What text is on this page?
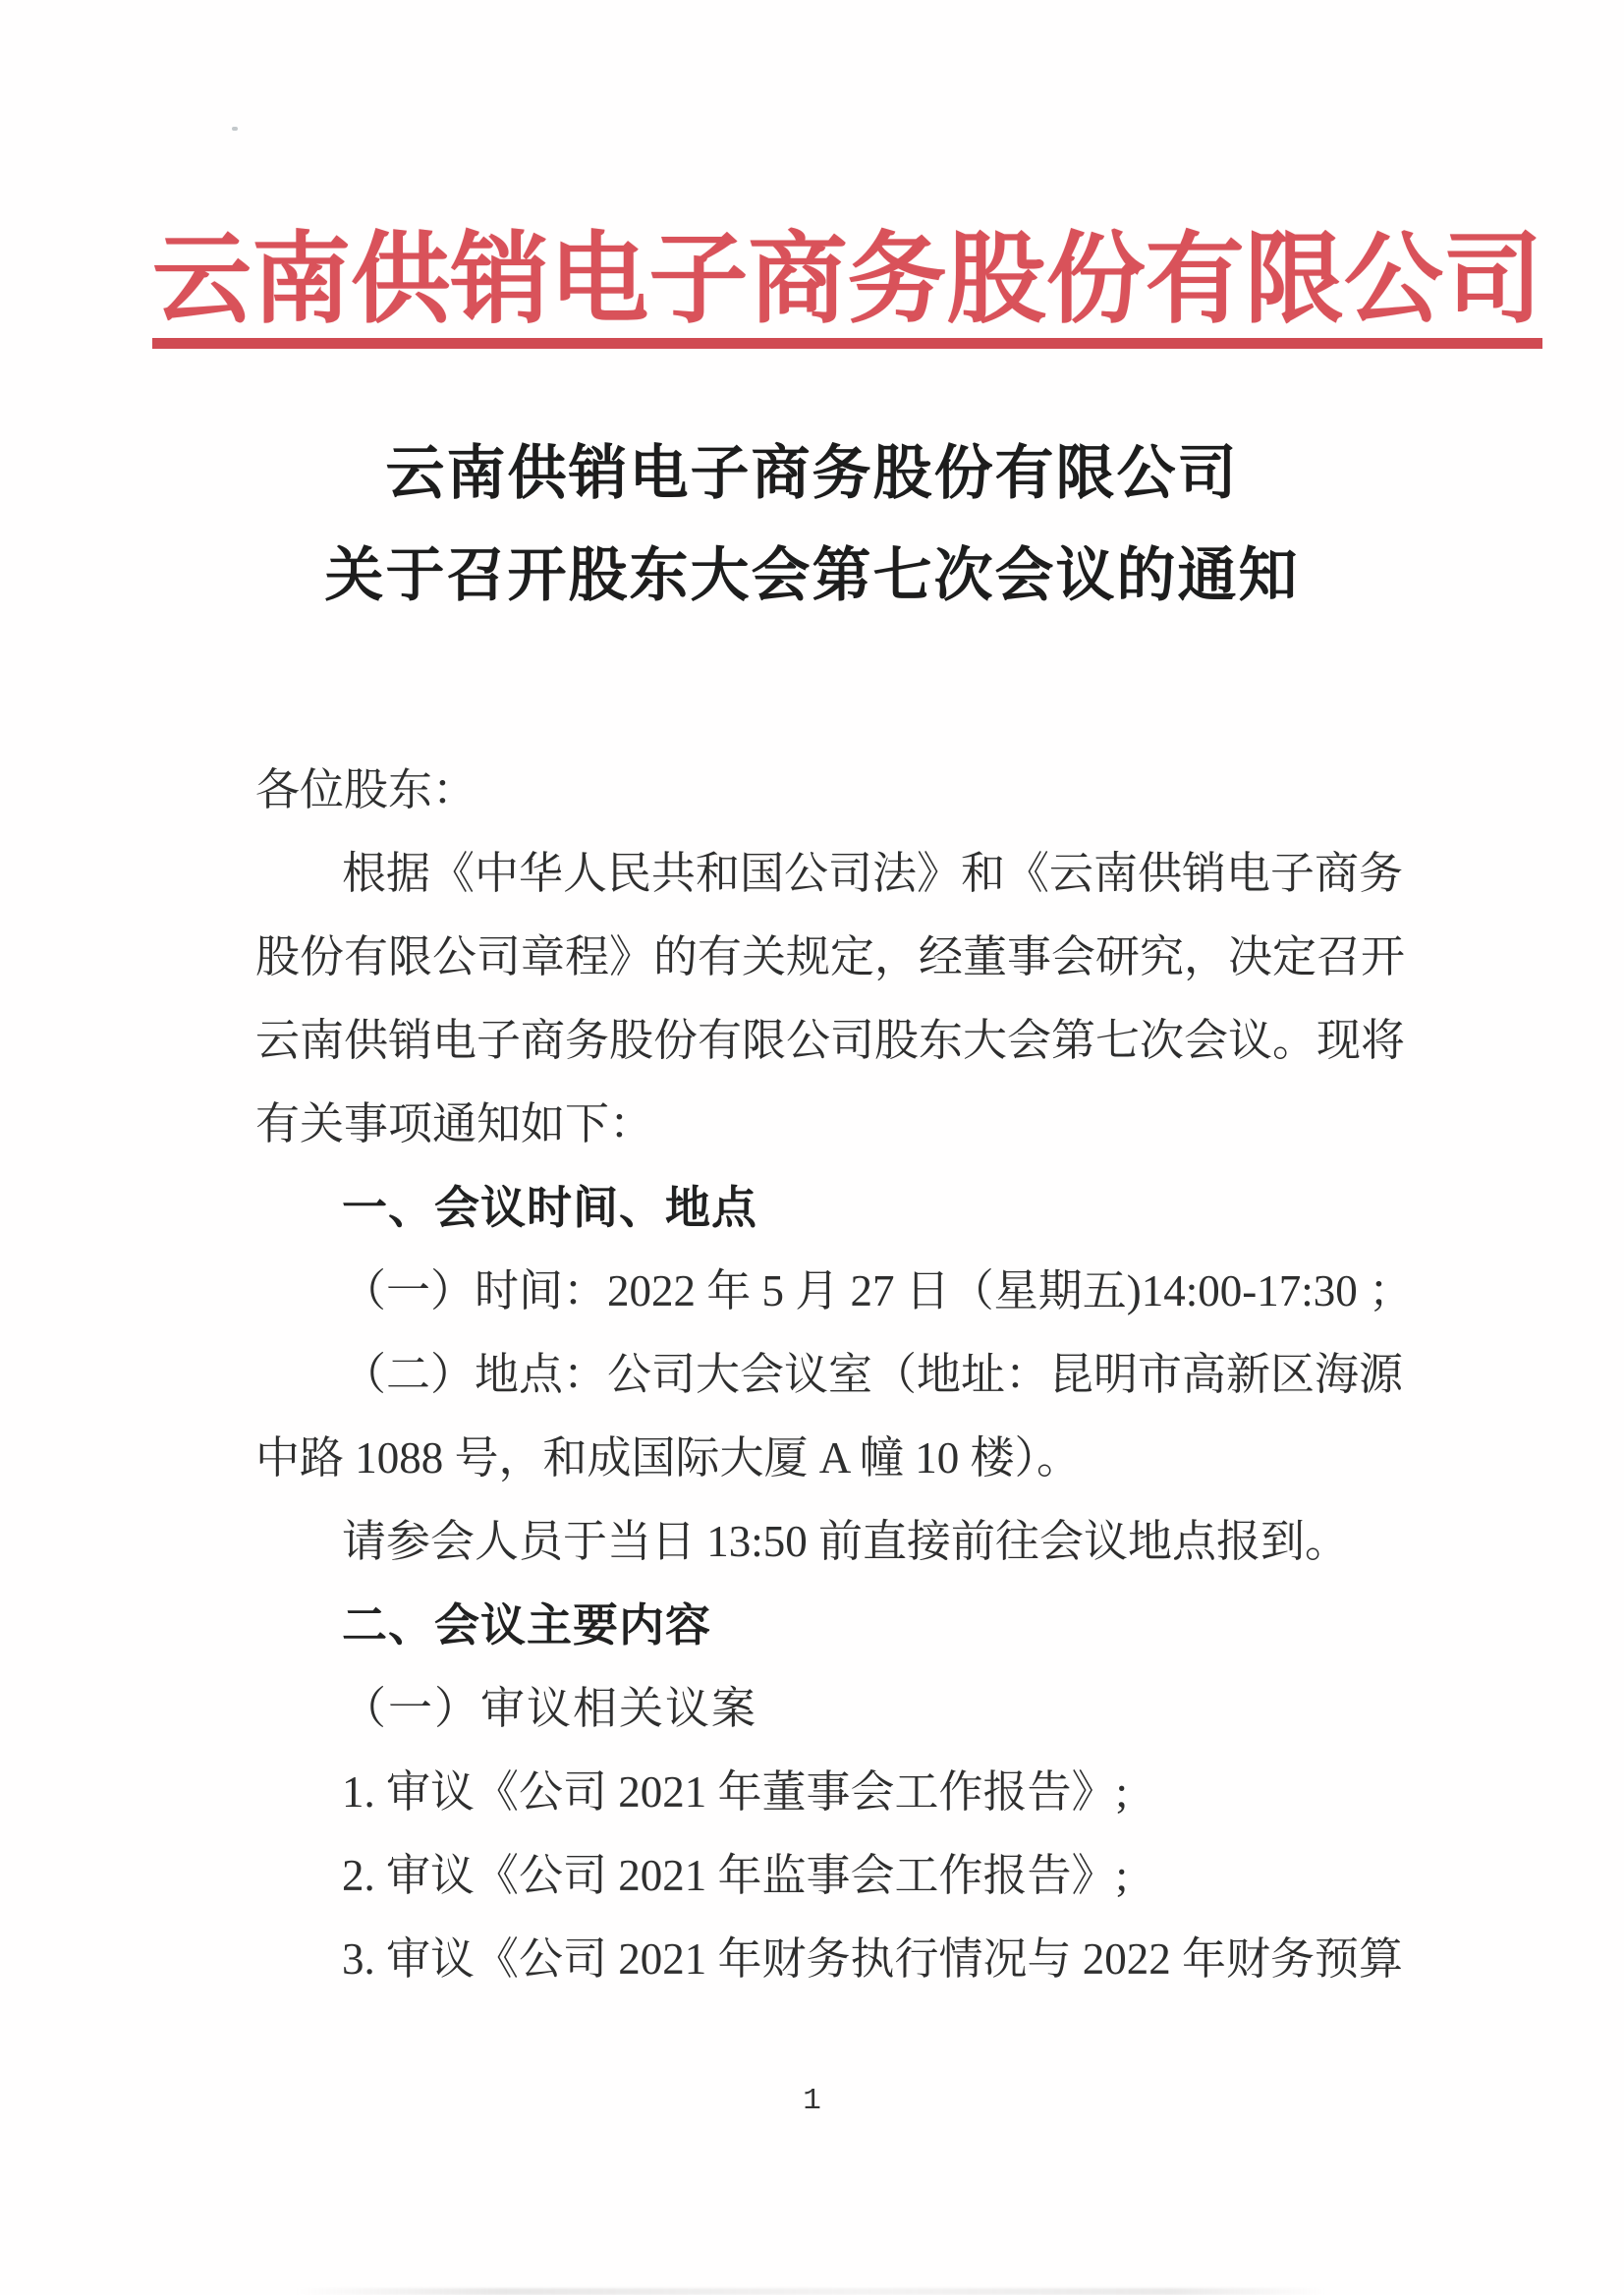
云南供销电子商务股份有限公司
云南供销电子商务股份有限公司
关于召开股东大会第七次会议的通知
各位股东：
根据《中华人民共和国公司法》和《云南供销电子商务
股份有限公司章程》的有关规定，经董事会研究，决定召开
云南供销电子商务股份有限公司股东大会第七次会议。现将
有关事项通知如下：
一、会议时间、地点
（一）时间：2022 年 5 月 27 日（星期五)14:00-17:30 ；
（二）地点：公司大会议室（地址：昆明市高新区海源
中路 1088 号，和成国际大厦 A 幢 10 楼）。
请参会人员于当日 13:50 前直接前往会议地点报到。
二、会议主要内容
（一）审议相关议案
1. 审议《公司 2021 年董事会工作报告》;
2. 审议《公司 2021 年监事会工作报告》;
3. 审议《公司 2021 年财务执行情况与 2022 年财务预算
1
